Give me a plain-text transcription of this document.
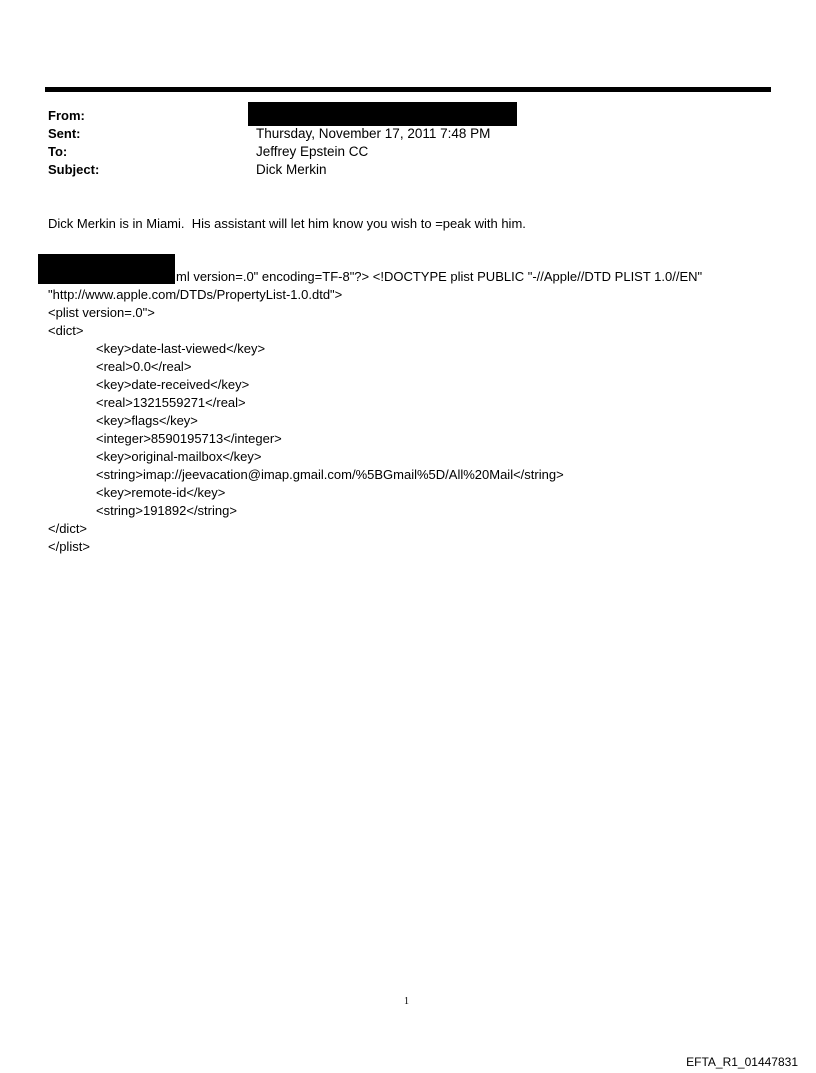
From:
Sent:
To:
Subject:
Thursday, November 17, 2011 7:48 PM
Jeffrey Epstein CC
Dick Merkin
Dick Merkin is in Miami.  His assistant will let him know you wish to =peak with him.
ml version=.0" encoding=TF-8"?> <!DOCTYPE plist PUBLIC "-//Apple//DTD PLIST 1.0//EN"
"http://www.apple.com/DTDs/PropertyList-1.0.dtd">
<plist version=.0">
<dict>
<key>date-last-viewed</key>
<real>0.0</real>
<key>date-received</key>
<real>1321559271</real>
<key>flags</key>
<integer>8590195713</integer>
<key>original-mailbox</key>
<string>imap://jeevacation@imap.gmail.com/%5BGmail%5D/All%20Mail</string>
<key>remote-id</key>
<string>191892</string>
</dict>
</plist>
1
EFTA_R1_01447831
